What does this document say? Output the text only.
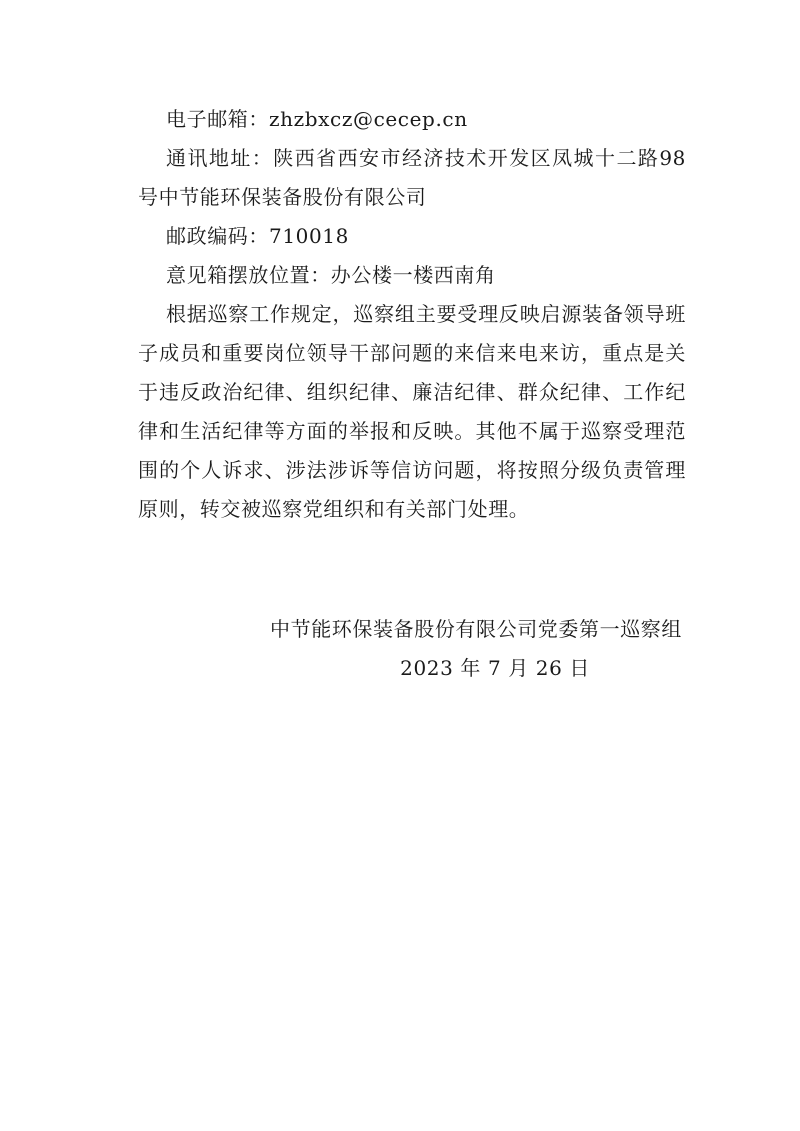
电子邮箱：zhzbxcz@cecep.cn

通讯地址：陕西省西安市经济技术开发区凤城十二路98号中节能环保装备股份有限公司

邮政编码：710018

意见箱摆放位置：办公楼一楼西南角

根据巡察工作规定，巡察组主要受理反映启源装备领导班子成员和重要岗位领导干部问题的来信来电来访，重点是关于违反政治纪律、组织纪律、廉洁纪律、群众纪律、工作纪律和生活纪律等方面的举报和反映。其他不属于巡察受理范围的个人诉求、涉法涉诉等信访问题，将按照分级负责管理原则，转交被巡察党组织和有关部门处理。

中节能环保装备股份有限公司党委第一巡察组
2023 年 7 月 26 日
